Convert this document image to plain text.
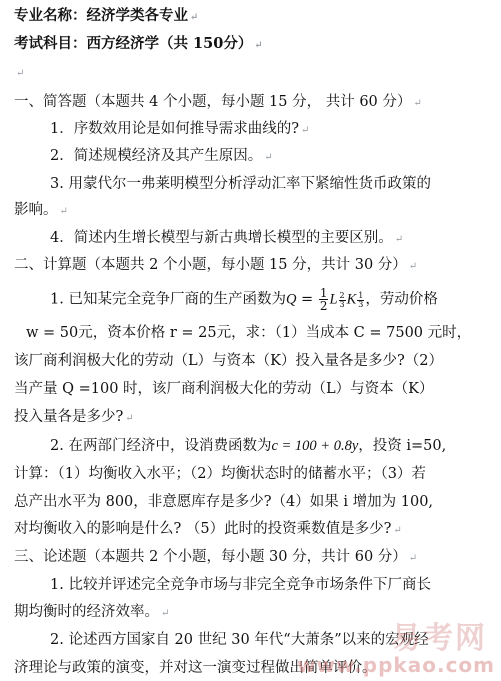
专业名称：经济学类各专业 ↵
考试科目：西方经济学（共 150分） ↵
↵
一、简答题（本题共 4 个小题，每小题 15 分， 共计 60 分） ↵
1．序数效用论是如何推导需求曲线的? ↵
2．简述规模经济及其产生原因。 ↵
3. 用蒙代尔一弗莱明模型分析浮动汇率下紧缩性货币政策的
影响。 ↵
4．简述内生增长模型与新古典增长模型的主要区别。 ↵
二、计算题（本题共 2 个小题，每小题 15 分，共计 30 分） ↵
1. 已知某完全竞争厂商的生产函数为$Q = \frac{1}{2}$ L $\frac{2}{3}$ K $\frac{1}{3}$ ，劳动价格
w = 50元，资本价格 r = 25元，求：（1）当成本 C = 7500 元时，
该厂商利润极大化的劳动（L）与资本（K）投入量各是多少?（2）
当产量 Q =100 时，该厂商利润极大化的劳动（L）与资本（K）
投入量各是多少? ↵
2. 在两部门经济中，设消费函数为c = 100 + 0.8y，投资 i=50,
计算：（1）均衡收入水平；（2）均衡状态时的储蓄水平；（3）若
总产出水平为 800，非意愿库存是多少?（4）如果 i 增加为 100,
对均衡收入的影响是什么? （5）此时的投资乘数值是多少? ↵
三、论述题（本题共 2 个小题，每小题 30 分，共计 60 分） ↵
1. 比较并评述完全竞争市场与非完全竞争市场条件下厂商长
期均衡时的经济效率。 ↵
2. 论述西方国家自 20 世纪 30 年代“大萧条”以来的宏观经
济理论与政策的演变，并对这一演变过程做出简单评价。
易考网
www.ppkao.com
